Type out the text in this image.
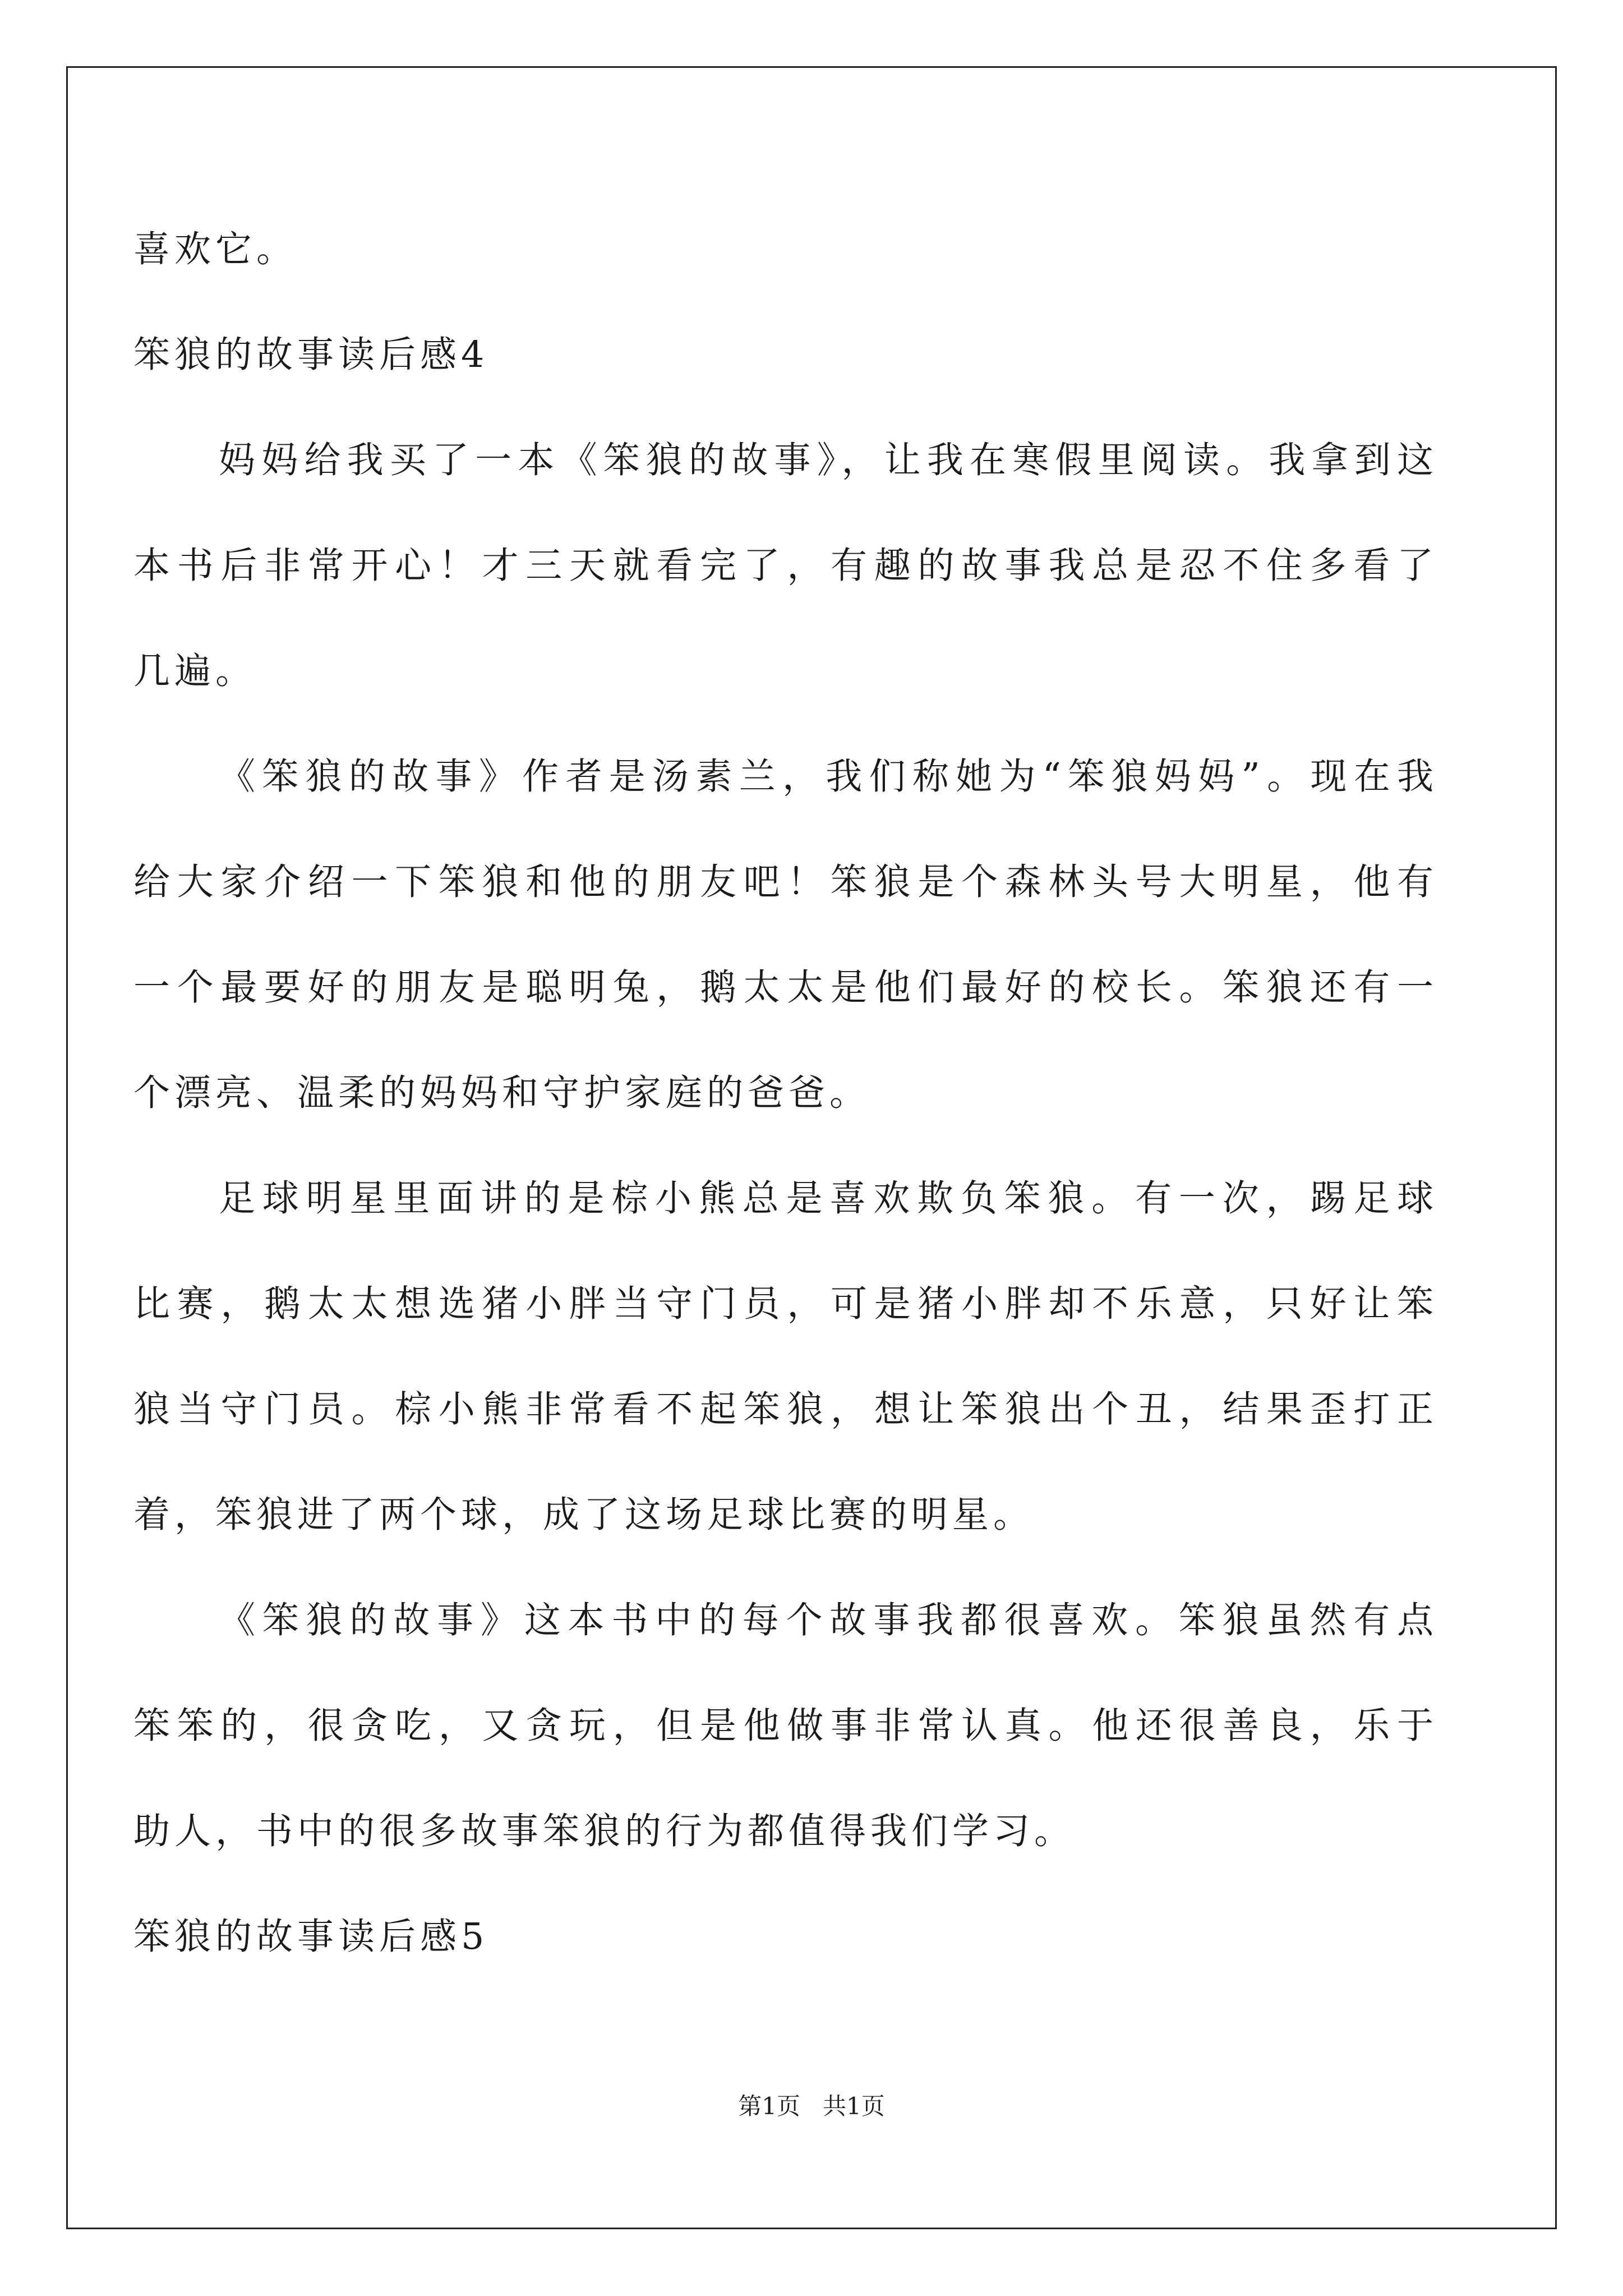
喜欢它。
笨狼的故事读后感4
妈妈给我买了一本《笨狼的故事》，让我在寒假里阅读。我拿到这
本书后非常开心！才三天就看完了，有趣的故事我总是忍不住多看了
几遍。
《笨狼的故事》作者是汤素兰，我们称她为“笨狼妈妈”。现在我
给大家介绍一下笨狼和他的朋友吧！笨狼是个森林头号大明星，他有
一个最要好的朋友是聪明兔，鹅太太是他们最好的校长。笨狼还有一
个漂亮、温柔的妈妈和守护家庭的爸爸。
足球明星里面讲的是棕小熊总是喜欢欺负笨狼。有一次，踢足球
比赛，鹅太太想选猪小胖当守门员，可是猪小胖却不乐意，只好让笨
狼当守门员。棕小熊非常看不起笨狼，想让笨狼出个丑，结果歪打正
着，笨狼进了两个球，成了这场足球比赛的明星。
《笨狼的故事》这本书中的每个故事我都很喜欢。笨狼虽然有点
笨笨的，很贪吃，又贪玩，但是他做事非常认真。他还很善良，乐于
助人，书中的很多故事笨狼的行为都值得我们学习。
笨狼的故事读后感5
第1页   共1页
